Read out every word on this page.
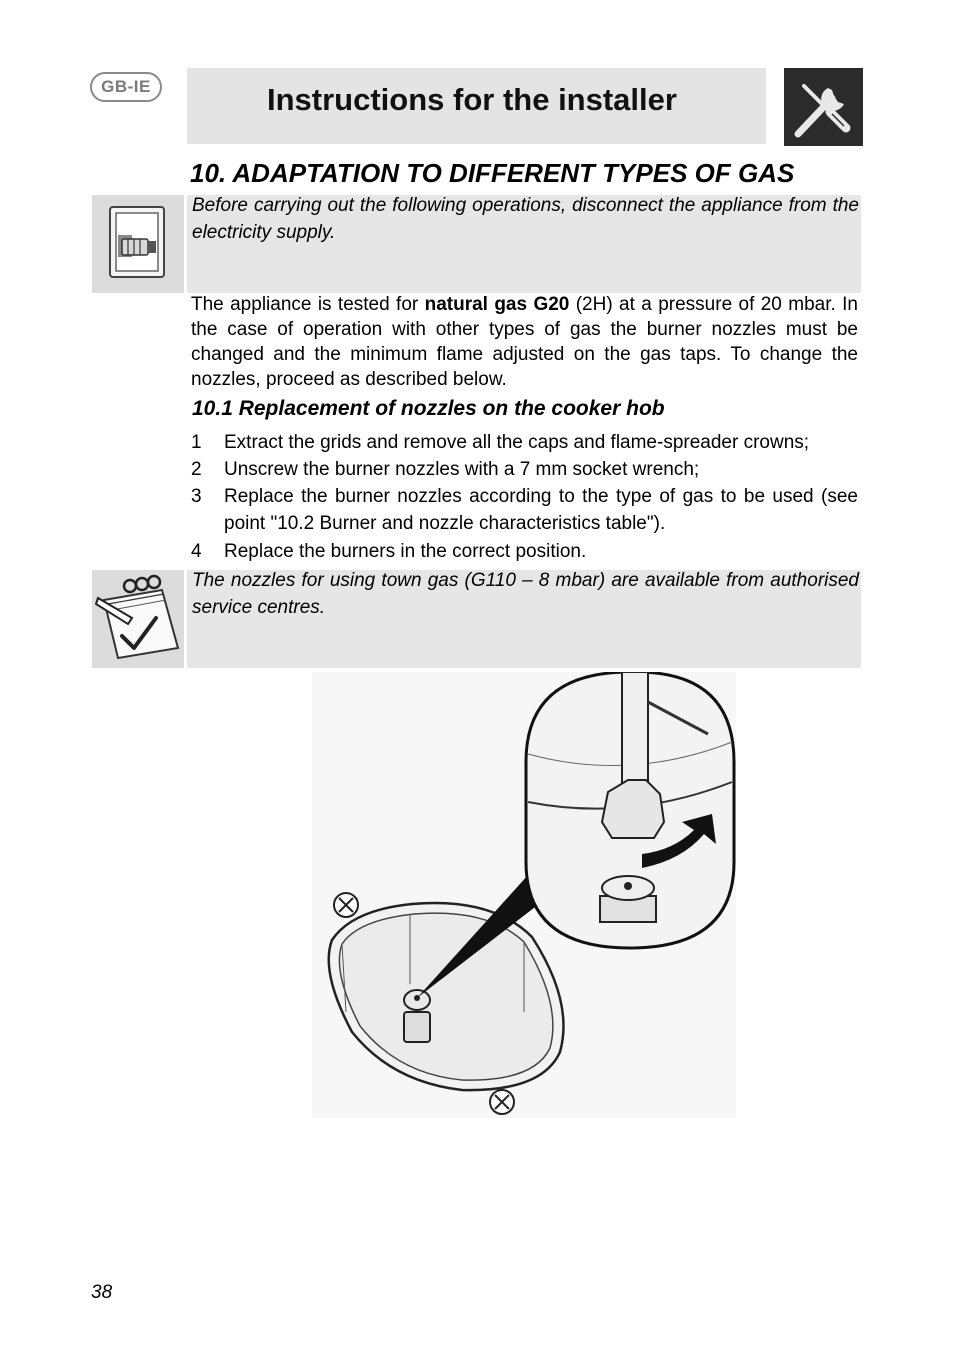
GB-IE	Instructions for the installer
10. ADAPTATION TO DIFFERENT TYPES OF GAS
Before carrying out the following operations, disconnect the appliance from the electricity supply.
The appliance is tested for natural gas G20 (2H) at a pressure of 20 mbar. In the case of operation with other types of gas the burner nozzles must be changed and the minimum flame adjusted on the gas taps. To change the nozzles, proceed as described below.
10.1 Replacement of nozzles on the cooker hob
1	Extract the grids and remove all the caps and flame-spreader crowns;
2	Unscrew the burner nozzles with a 7 mm socket wrench;
3	Replace the burner nozzles according to the type of gas to be used (see point "10.2 Burner and nozzle characteristics table").
4	Replace the burners in the correct position.
The nozzles for using town gas (G110 – 8 mbar) are available from authorised service centres.
38
